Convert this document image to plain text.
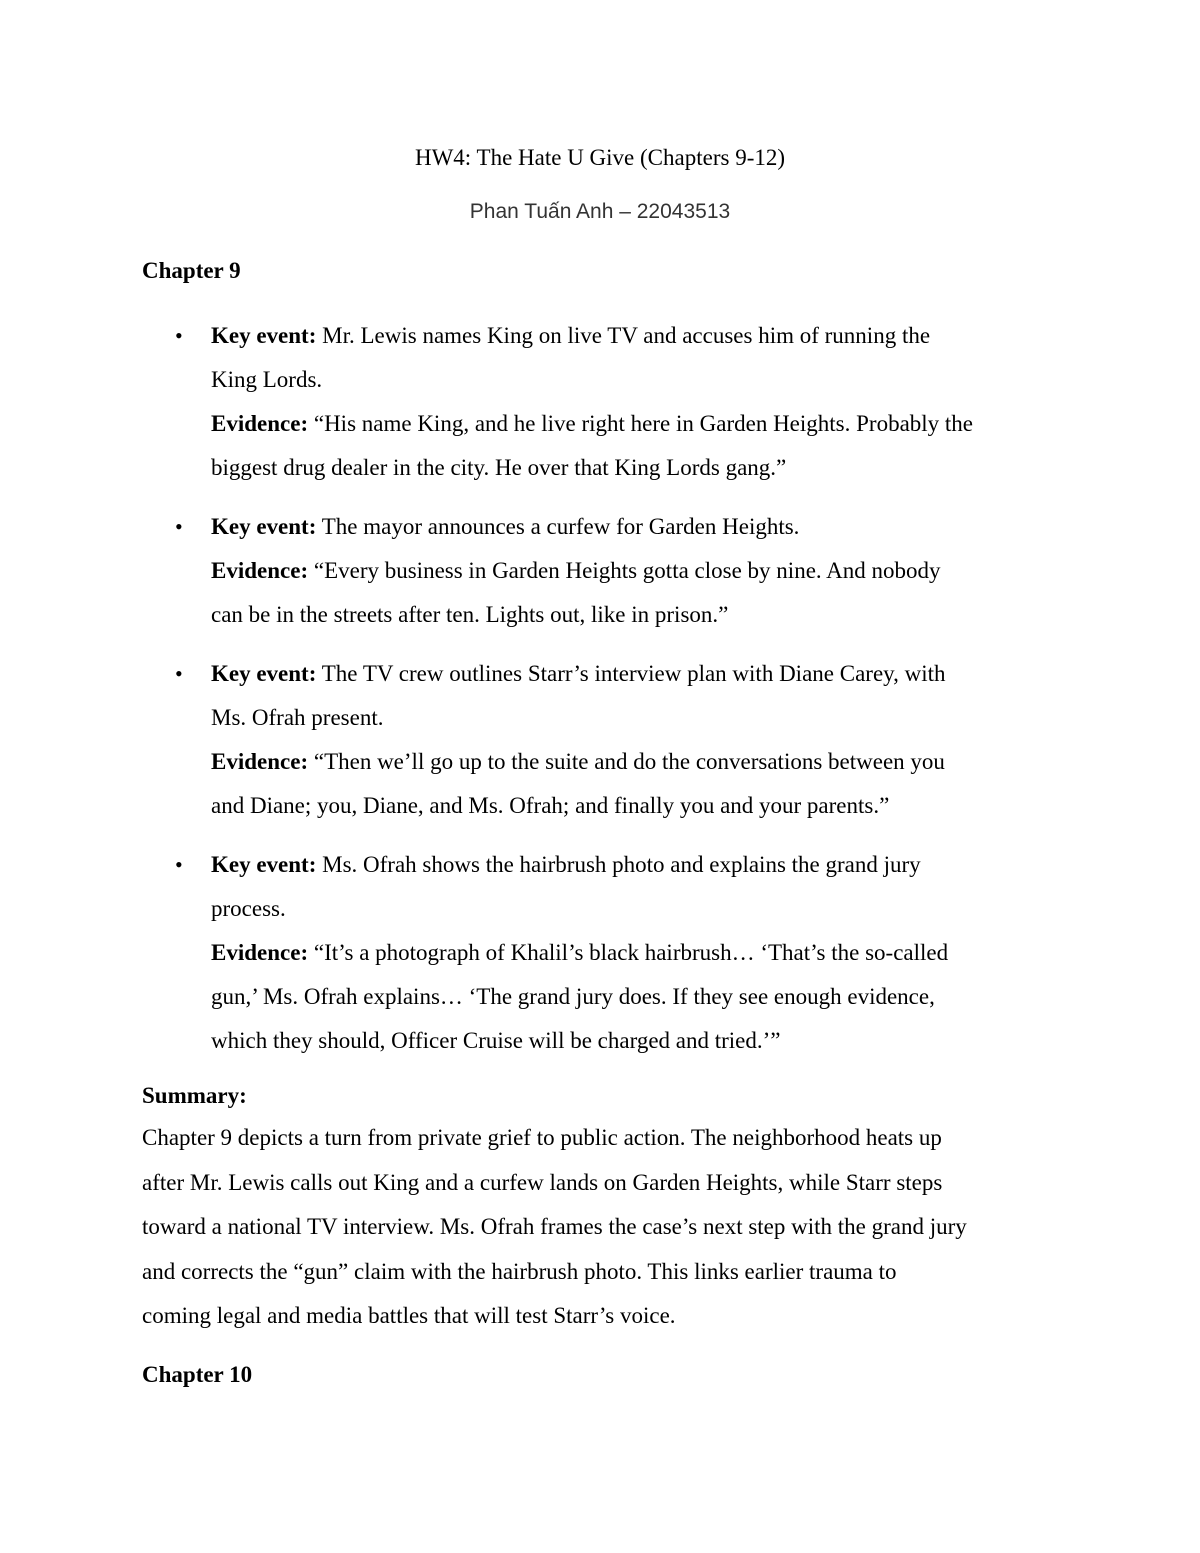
HW4: The Hate U Give (Chapters 9-12)
Phan Tuấn Anh – 22043513
Chapter 9
• Key event: Mr. Lewis names King on live TV and accuses him of running the
King Lords.
Evidence: “His name King, and he live right here in Garden Heights. Probably the
biggest drug dealer in the city. He over that King Lords gang.”
• Key event: The mayor announces a curfew for Garden Heights.
Evidence: “Every business in Garden Heights gotta close by nine. And nobody
can be in the streets after ten. Lights out, like in prison.”
• Key event: The TV crew outlines Starr’s interview plan with Diane Carey, with
Ms. Ofrah present.
Evidence: “Then we’ll go up to the suite and do the conversations between you
and Diane; you, Diane, and Ms. Ofrah; and finally you and your parents.”
• Key event: Ms. Ofrah shows the hairbrush photo and explains the grand jury
process.
Evidence: “It’s a photograph of Khalil’s black hairbrush… ‘That’s the so-called
gun,’ Ms. Ofrah explains… ‘The grand jury does. If they see enough evidence,
which they should, Officer Cruise will be charged and tried.’”
Summary:
Chapter 9 depicts a turn from private grief to public action. The neighborhood heats up
after Mr. Lewis calls out King and a curfew lands on Garden Heights, while Starr steps
toward a national TV interview. Ms. Ofrah frames the case’s next step with the grand jury
and corrects the “gun” claim with the hairbrush photo. This links earlier trauma to
coming legal and media battles that will test Starr’s voice.
Chapter 10
